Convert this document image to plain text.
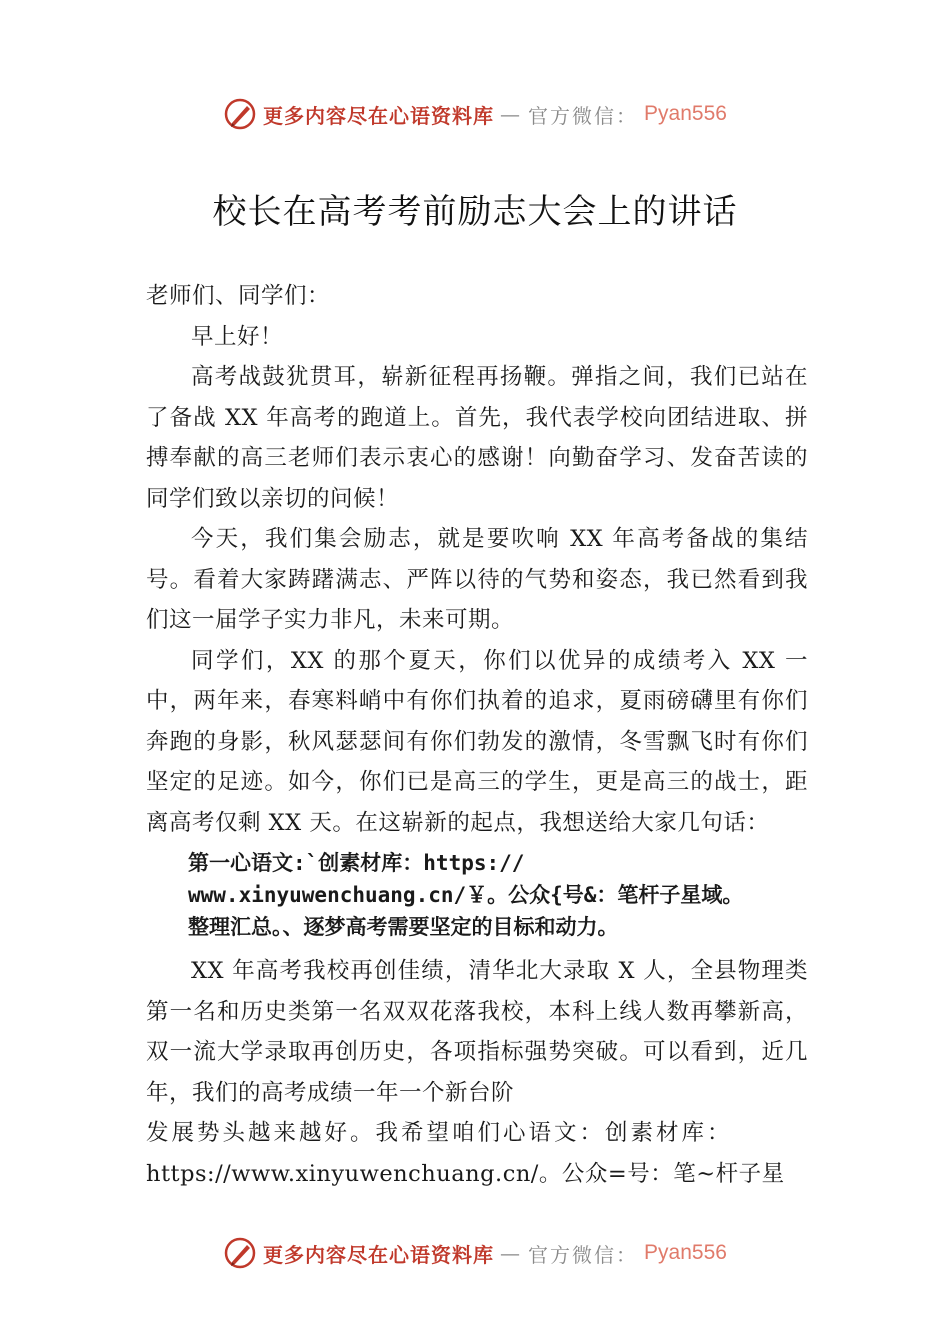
更多内容尽在心语资料库 — 官方微信： Pyan556
校长在高考考前励志大会上的讲话

老师们、同学们：

早上好！

高考战鼓犹贯耳，崭新征程再扬鞭。弹指之间，我们已站在了备战 XX 年高考的跑道上。首先，我代表学校向团结进取、拼搏奉献的高三老师们表示衷心的感谢！向勤奋学习、发奋苦读的同学们致以亲切的问候！

今天，我们集会励志，就是要吹响 XX 年高考备战的集结号。看着大家踌躇满志、严阵以待的气势和姿态，我已然看到我们这一届学子实力非凡，未来可期。

同学们，XX 的那个夏天，你们以优异的成绩考入 XX 一中，两年来，春寒料峭中有你们执着的追求，夏雨磅礴里有你们奔跑的身影，秋风瑟瑟间有你们勃发的激情，冬雪飘飞时有你们坚定的足迹。如今，你们已是高三的学生，更是高三的战士，距离高考仅剩 XX 天。在这崭新的起点，我想送给大家几句话：

第一心语文:`创素材库：https://
www.xinyuwenchuang.cn/￥。公众{号&：笔杆子星域。
整理汇总。、逐梦高考需要坚定的目标和动力。

XX 年高考我校再创佳绩，清华北大录取 X 人，全县物理类第一名和历史类第一名双双花落我校，本科上线人数再攀新高，双一流大学录取再创历史，各项指标强势突破。可以看到，近几年，我们的高考成绩一年一个新台阶

发展势头越来越好。我希望咱们心语文：创素材库：

https://www.xinyuwenchuang.cn/。公众=号：笔~杆子星

更多内容尽在心语资料库 — 官方微信： Pyan556
